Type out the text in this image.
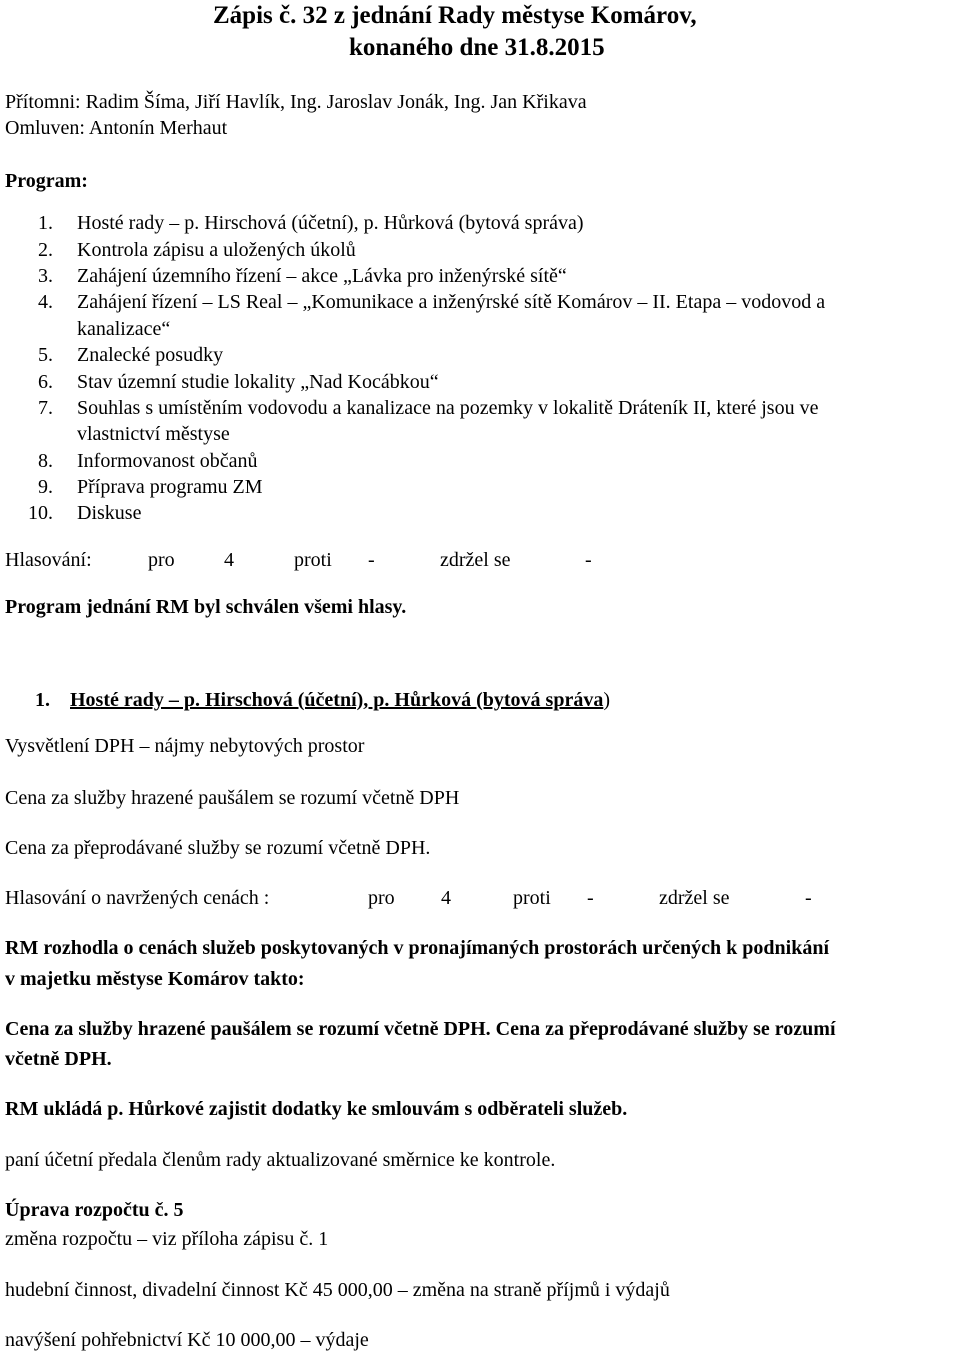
Zápis č. 32 z jednání Rady městyse Komárov,
konaného dne 31.8.2015
Přítomni: Radim Šíma, Jiří Havlík, Ing. Jaroslav Jonák, Ing. Jan Křikava
Omluven: Antonín Merhaut
Program:
1. Hosté rady – p. Hirschová (účetní), p. Hůrková (bytová správa)
2. Kontrola zápisu a uložených úkolů
3. Zahájení územního řízení – akce „Lávka pro inženýrské sítě“
4. Zahájení řízení – LS Real – „Komunikace a inženýrské sítě Komárov – II. Etapa – vodovod a
kanalizace“
5. Znalecké posudky
6. Stav územní studie lokality „Nad Kocábkou“
7. Souhlas s umístěním vodovodu a kanalizace na pozemky v lokalitě Dráteník II, které jsou ve
vlastnictví městyse
8. Informovanost občanů
9. Příprava programu ZM
10. Diskuse
Hlasování:	pro 4	proti -	zdržel se	-
Program jednání RM byl schválen všemi hlasy.
1. Hosté rady – p. Hirschová (účetní), p. Hůrková (bytová správa)
Vysvětlení DPH – nájmy nebytových prostor
Cena za služby hrazené paušálem se rozumí včetně DPH
Cena za přeprodávané služby se rozumí včetně DPH.
Hlasování o navržených cenách :	pro 4	proti -	zdržel se	-
RM rozhodla o cenách služeb poskytovaných v pronajímaných prostorách určených k podnikání
v majetku městyse Komárov takto:
Cena za služby hrazené paušálem se rozumí včetně DPH. Cena za přeprodávané služby se rozumí
včetně DPH.
RM ukládá p. Hůrkové zajistit dodatky ke smlouvám s odběrateli služeb.
paní účetní předala členům rady aktualizované směrnice ke kontrole.
Úprava rozpočtu č. 5
změna rozpočtu – viz příloha zápisu č. 1
hudební činnost, divadelní činnost Kč 45 000,00 – změna na straně příjmů i výdajů
navýšení pohřebnictví Kč 10 000,00 – výdaje
